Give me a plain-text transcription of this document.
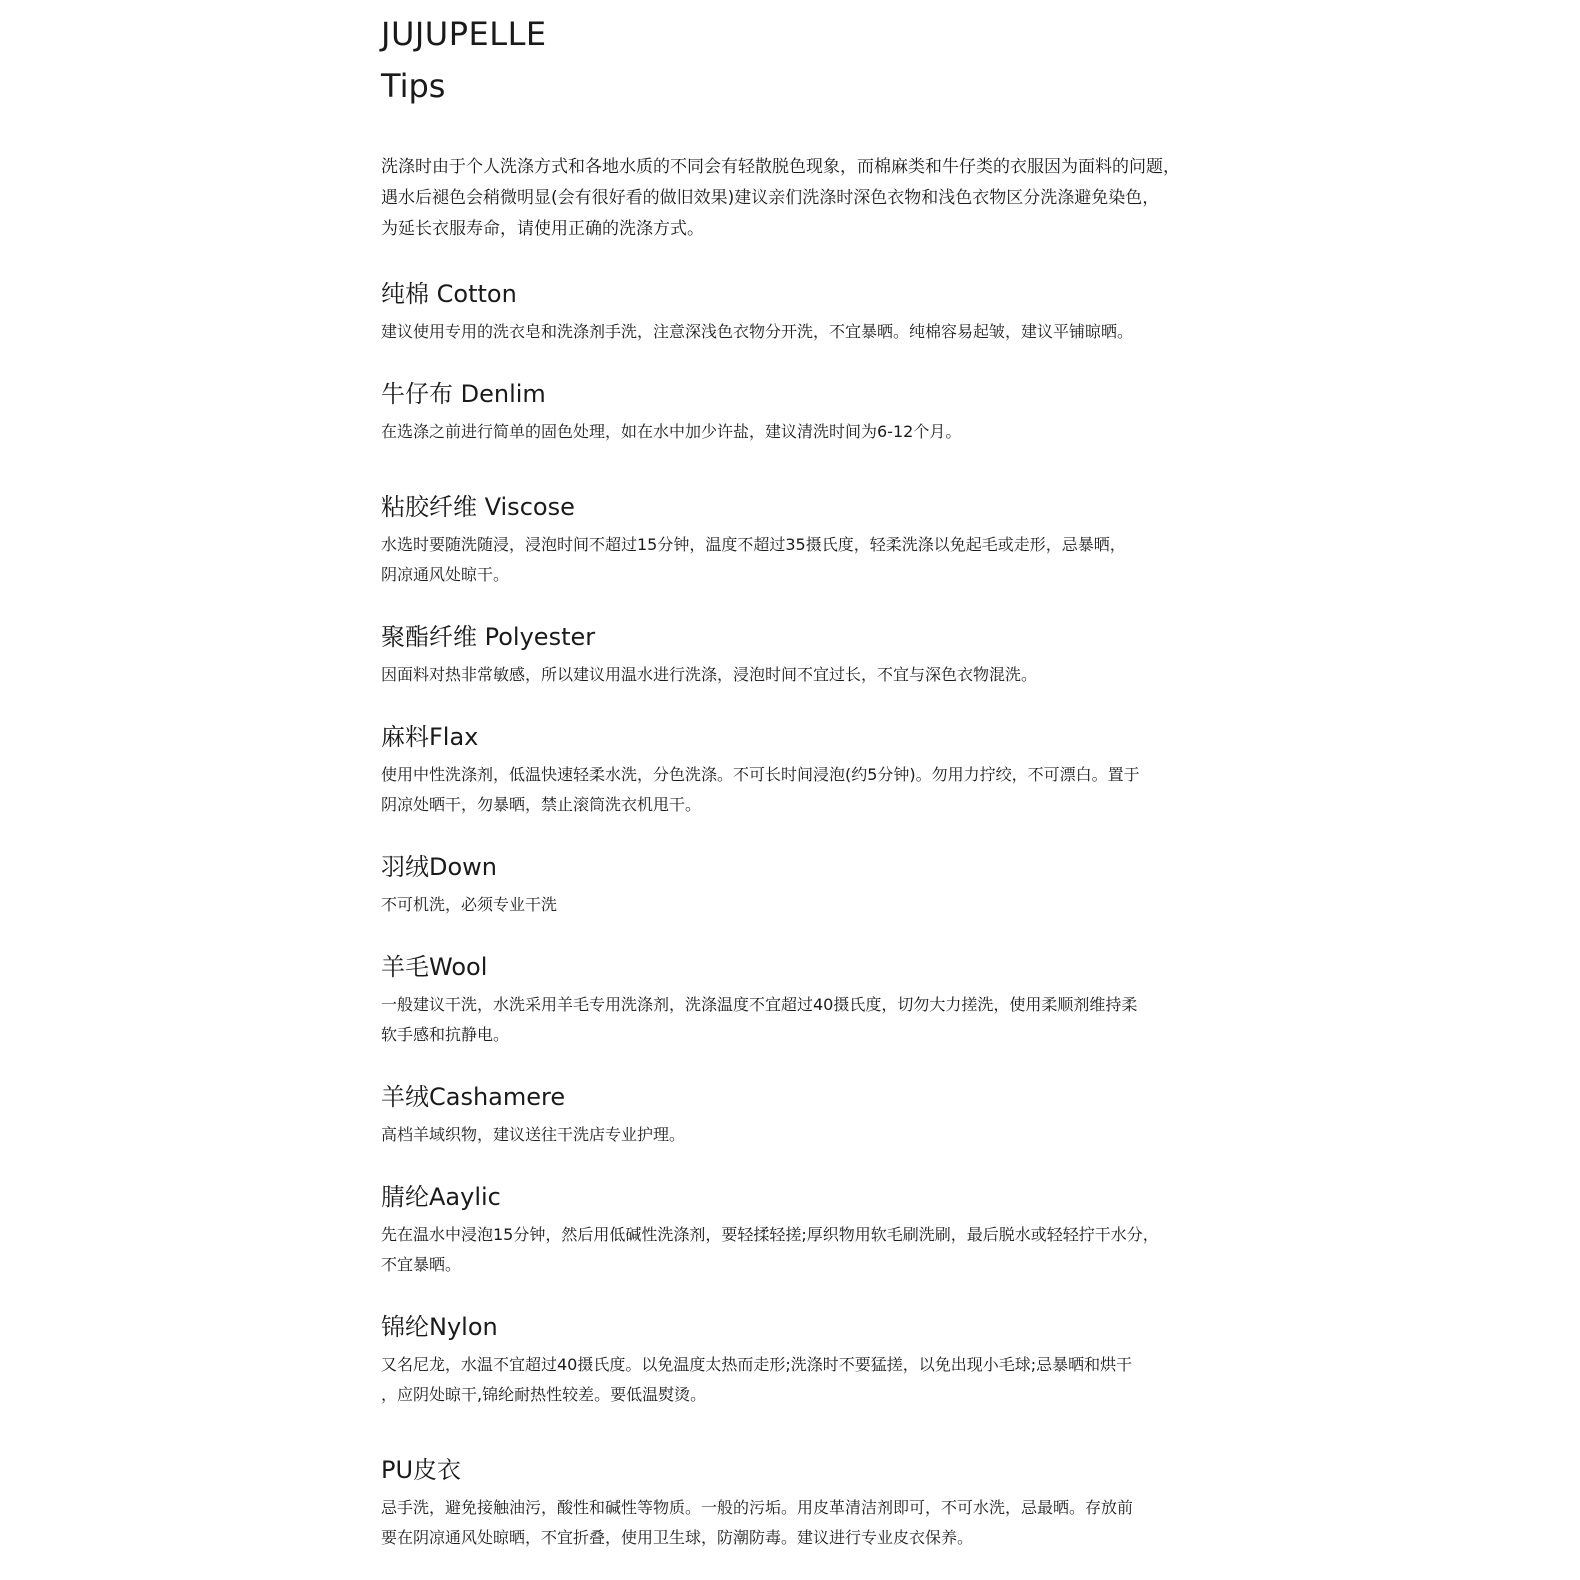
JUJUPELLE
Tips

洗涤时由于个人洗涤方式和各地水质的不同会有轻散脱色现象，而棉麻类和牛仔类的衣服因为面料的问题，

遇水后褪色会稍微明显(会有很好看的做旧效果)建议亲们洗涤时深色衣物和浅色衣物区分洗涤避免染色，

为延长衣服寿命，请使用正确的洗涤方式。

纯棉 Cotton

建议使用专用的洗衣皂和洗涤剂手洗，注意深浅色衣物分开洗，不宜暴晒。纯棉容易起皱，建议平铺晾晒。

牛仔布 Denlim

在选涤之前进行简单的固色处理，如在水中加少许盐，建议清洗时间为6-12个月。

粘胶纤维 Viscose

水选时要随洗随浸，浸泡时间不超过15分钟，温度不超过35摄氏度，轻柔洗涤以免起毛或走形，忌暴晒，

阴凉通风处晾干。

聚酯纤维 Polyester

因面料对热非常敏感，所以建议用温水进行洗涤，浸泡时间不宜过长，不宜与深色衣物混洗。

麻料Flax

使用中性洗涤剂，低温快速轻柔水洗，分色洗涤。不可长时间浸泡(约5分钟)。勿用力拧绞，不可漂白。置于

阴凉处晒干，勿暴晒，禁止滚筒洗衣机甩干。

羽绒Down

不可机洗，必须专业干洗

羊毛Wool

一般建议干洗，水洗采用羊毛专用洗涤剂，洗涤温度不宜超过40摄氏度，切勿大力搓洗，使用柔顺剂维持柔

软手感和抗静电。

羊绒Cashamere

高档羊域织物，建议送往干洗店专业护理。

腈纶Aaylic

先在温水中浸泡15分钟，然后用低碱性洗涤剂，要轻揉轻搓;厚织物用软毛刷洗刷，最后脱水或轻轻拧干水分，

不宜暴晒。

锦纶Nylon

又名尼龙，水温不宜超过40摄氏度。以免温度太热而走形;洗涤时不要猛搓，以免出现小毛球;忌暴晒和烘干

，应阴处晾干,锦纶耐热性较差。要低温熨烫。

PU皮衣

忌手洗，避免接触油污，酸性和碱性等物质。一般的污垢。用皮革清洁剂即可，不可水洗，忌最晒。存放前

要在阴凉通风处晾晒，不宜折叠，使用卫生球，防潮防毒。建议进行专业皮衣保养。
